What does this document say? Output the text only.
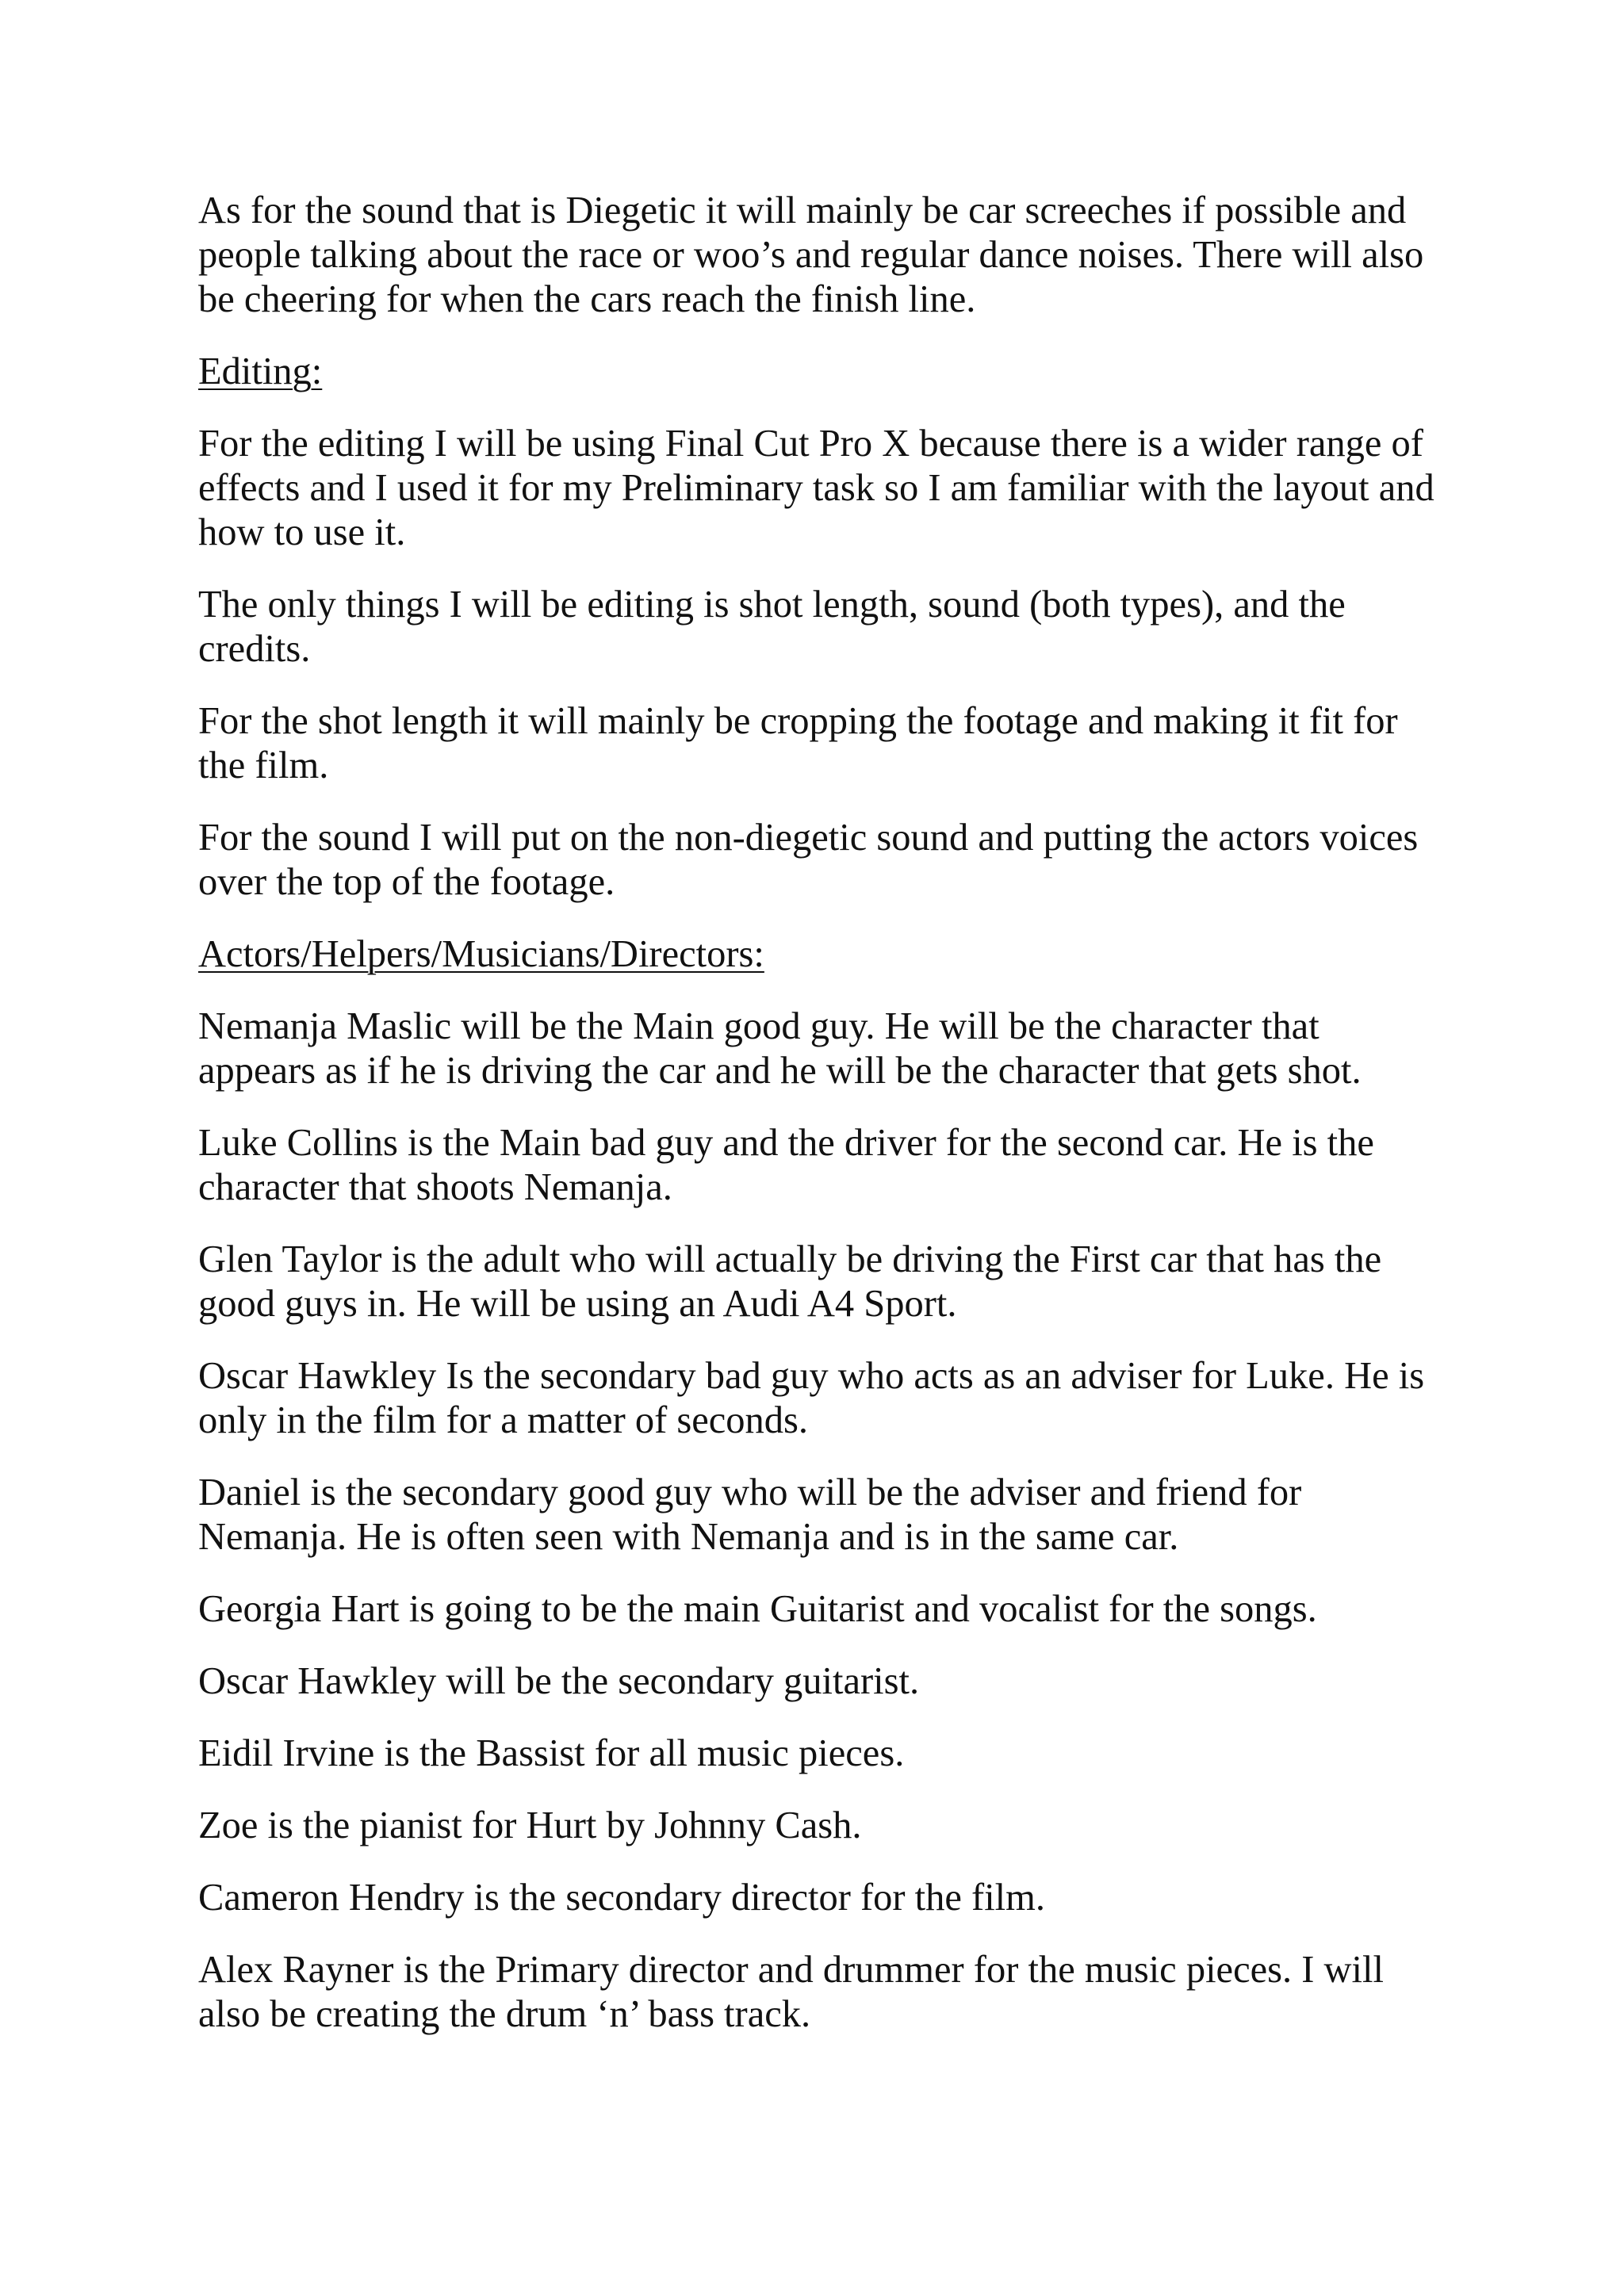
As for the sound that is Diegetic it will mainly be car screeches if possible and
people talking about the race or woo’s and regular dance noises. There will also
be cheering for when the cars reach the finish line.
Editing:
For the editing I will be using Final Cut Pro X because there is a wider range of
effects and I used it for my Preliminary task so I am familiar with the layout and
how to use it.
The only things I will be editing is shot length, sound (both types), and the
credits.
For the shot length it will mainly be cropping the footage and making it fit for
the film.
For the sound I will put on the non-diegetic sound and putting the actors voices
over the top of the footage.
Actors/Helpers/Musicians/Directors:
Nemanja Maslic will be the Main good guy. He will be the character that
appears as if he is driving the car and he will be the character that gets shot.
Luke Collins is the Main bad guy and the driver for the second car. He is the
character that shoots Nemanja.
Glen Taylor is the adult who will actually be driving the First car that has the
good guys in. He will be using an Audi A4 Sport.
Oscar Hawkley Is the secondary bad guy who acts as an adviser for Luke. He is
only in the film for a matter of seconds.
Daniel is the secondary good guy who will be the adviser and friend for
Nemanja. He is often seen with Nemanja and is in the same car.
Georgia Hart is going to be the main Guitarist and vocalist for the songs.
Oscar Hawkley will be the secondary guitarist.
Eidil Irvine is the Bassist for all music pieces.
Zoe is the pianist for Hurt by Johnny Cash.
Cameron Hendry is the secondary director for the film.
Alex Rayner is the Primary director and drummer for the music pieces. I will
also be creating the drum ‘n’ bass track.
